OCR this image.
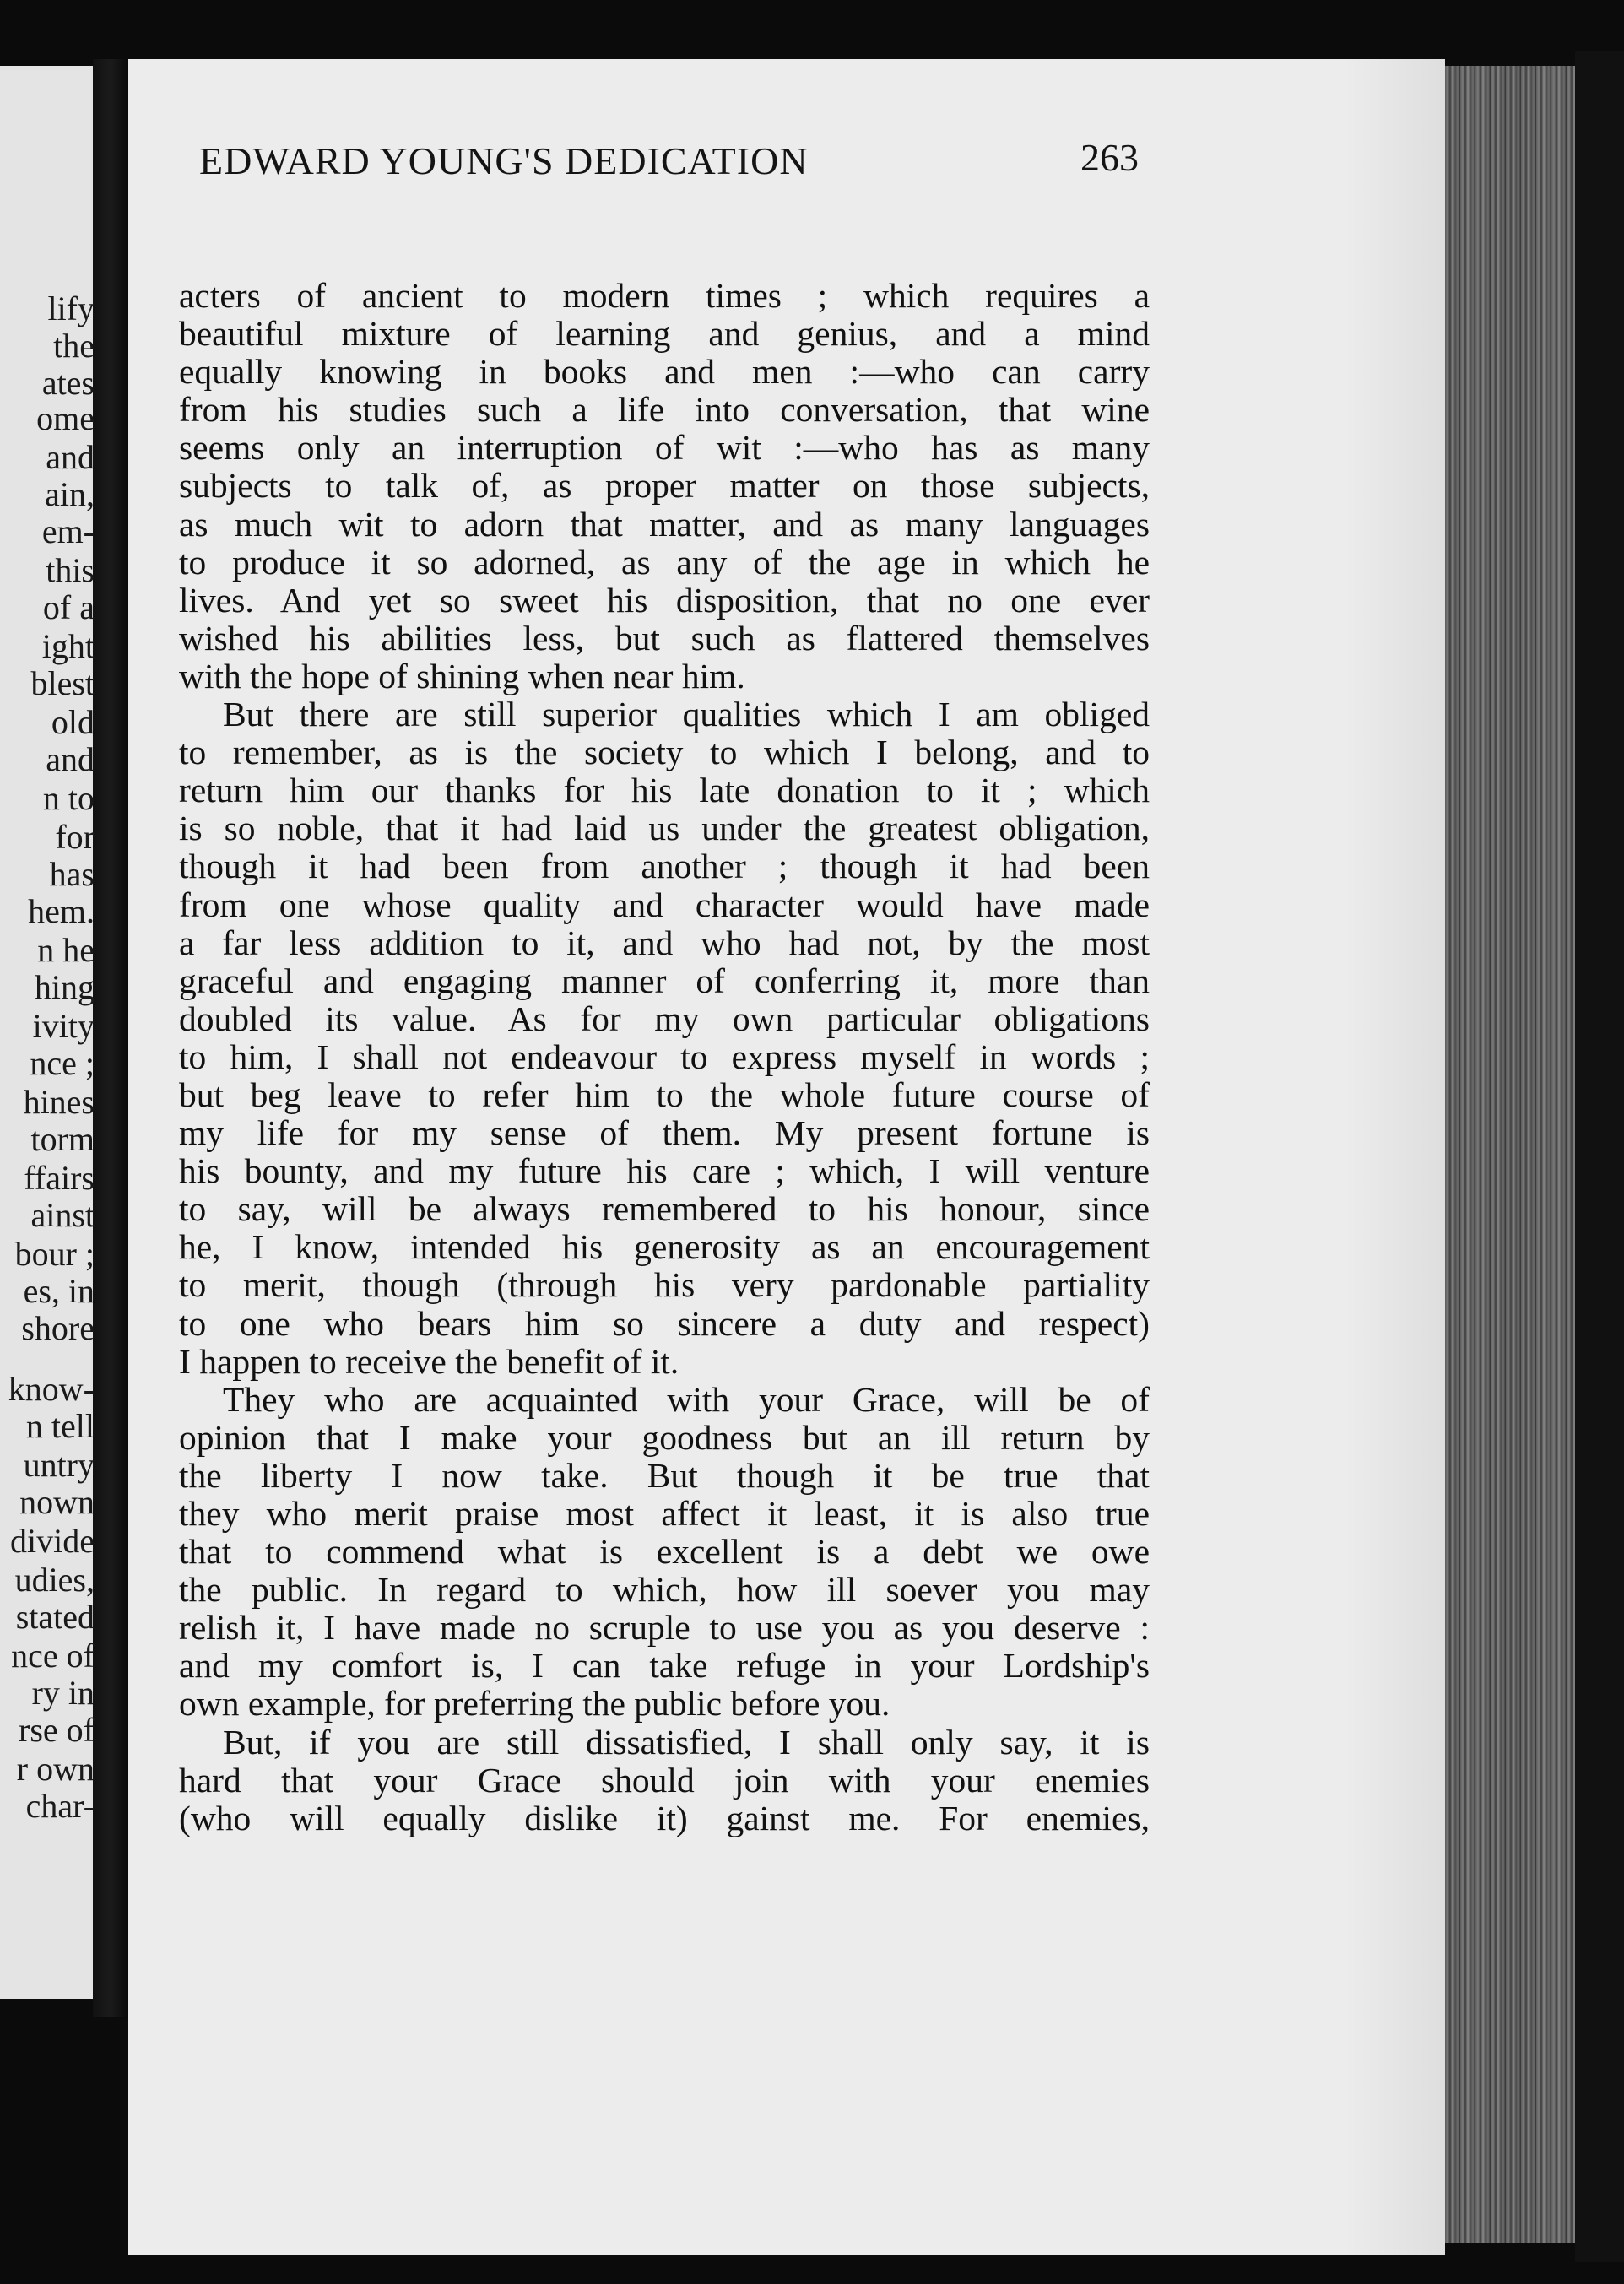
EDWARD YOUNG'S DEDICATION	263
lify
the
ates
ome
and
ain,
em-
this
of a
ight
blest
old
and
n to
for
has
hem.
n he
hing
ivity
nce ;
hines
torm
ffairs
ainst
bour ;
es, in
shore
know-
n tell
untry
nown
divide
udies,
stated
nce of
ry in
rse of
r own
char-
acters of ancient to modern times ; which requires a
beautiful mixture of learning and genius, and a mind
equally knowing in books and men :—who can carry
from his studies such a life into conversation, that wine
seems only an interruption of wit :—who has as many
subjects to talk of, as proper matter on those subjects,
as much wit to adorn that matter, and as many languages
to produce it so adorned, as any of the age in which he
lives. And yet so sweet his disposition, that no one ever
wished his abilities less, but such as flattered themselves
with the hope of shining when near him.
But there are still superior qualities which I am obliged
to remember, as is the society to which I belong, and to
return him our thanks for his late donation to it ; which
is so noble, that it had laid us under the greatest obligation,
though it had been from another ; though it had been
from one whose quality and character would have made
a far less addition to it, and who had not, by the most
graceful and engaging manner of conferring it, more than
doubled its value. As for my own particular obligations
to him, I shall not endeavour to express myself in words ;
but beg leave to refer him to the whole future course of
my life for my sense of them. My present fortune is
his bounty, and my future his care ; which, I will venture
to say, will be always remembered to his honour, since
he, I know, intended his generosity as an encouragement
to merit, though (through his very pardonable partiality
to one who bears him so sincere a duty and respect)
I happen to receive the benefit of it.
They who are acquainted with your Grace, will be of
opinion that I make your goodness but an ill return by
the liberty I now take. But though it be true that
they who merit praise most affect it least, it is also true
that to commend what is excellent is a debt we owe
the public. In regard to which, how ill soever you may
relish it, I have made no scruple to use you as you deserve :
and my comfort is, I can take refuge in your Lordship's
own example, for preferring the public before you.
But, if you are still dissatisfied, I shall only say, it is
hard that your Grace should join with your enemies
(who will equally dislike it) gainst me. For enemies,
